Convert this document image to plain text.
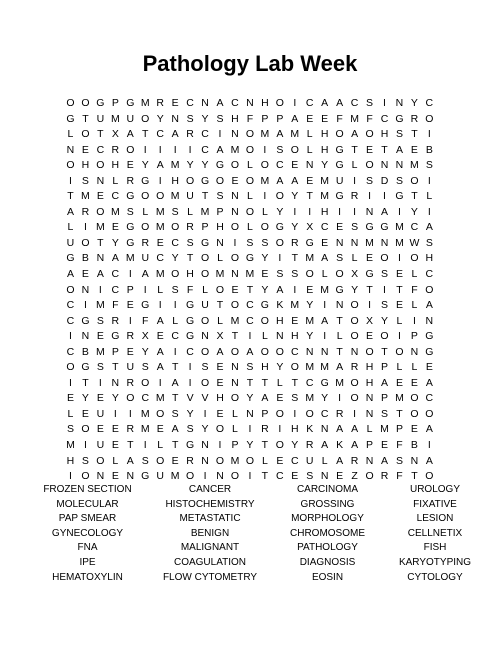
Pathology Lab Week
O O G P G M R E C N A C N H O I C A A C S I N Y C
G T U M U O Y N S Y S H F P P A E E F M F C G R O
L O T X A T C A R C I N O M A M L H O A O H S T I
N E C R O I	I	I	I C A M O I S O L H G T E T A E B
O H O H E Y A M Y Y G O L O C E N Y G L O N N M S
I S N L R G I H O G O E O M A A E M U I S D S O I
T M E C G O O M U T S N L	I O Y T M G R I	I G T L
A R O M S L M S L M P N O L Y I	I H I	I N A I Y I
L	I M E G O M O R P H O L O G Y X C E S G G M C A
U O T Y G R E C S G N I S S O R G E N N M N M W S
G B N A M U C Y T O L O G Y I T M A S L E O I O H
A E A C I A M O H O M N M E S S O L O X G S E L C
O N I C P I	L S F L O E T Y A I E M G Y T I T F O
C I M F E G I	I G U T O C G K M Y I N O I S E L A
C G S R I F A L G O L M C O H E M A T O X Y L	I N
I N E G R X E C G N X T I	L N H Y I	L O E O I P G
C B M P E Y A I C O A O A O O C N N T N O T O N G
O G S T U S A T I S E N S H Y O M M A R H P L L E
I T I N R O I A I O E N T T L T C G M O H A E E A
E Y E Y O C M T V V H O Y A E S M Y I O N P M O C
L E U I	I M O S Y I E L N P O I O C R I N S T O O
S O E E R M E A S Y O L	I R I H K N A A L M P E A
M I U E T I	L T G N I P Y T O Y R A K A P E F B I
H S O L A S O E R N O M O L E C U L A R N A S N A
I O N E N G U M O I N O I T C E S N E Z O R F T O
FROZEN SECTION	CANCER	CARCINOMA	UROLOGY
MOLECULAR	HISTOCHEMISTRY	GROSSING	FIXATIVE
PAP SMEAR	METASTATIC	MORPHOLOGY	LESION
GYNECOLOGY	BENIGN	CHROMOSOME	CELLNETIX
FNA	MALIGNANT	PATHOLOGY	FISH
IPE	COAGULATION	DIAGNOSIS	KARYOTYPING
HEMATOXYLIN	FLOW CYTOMETRY	EOSIN	CYTOLOGY
